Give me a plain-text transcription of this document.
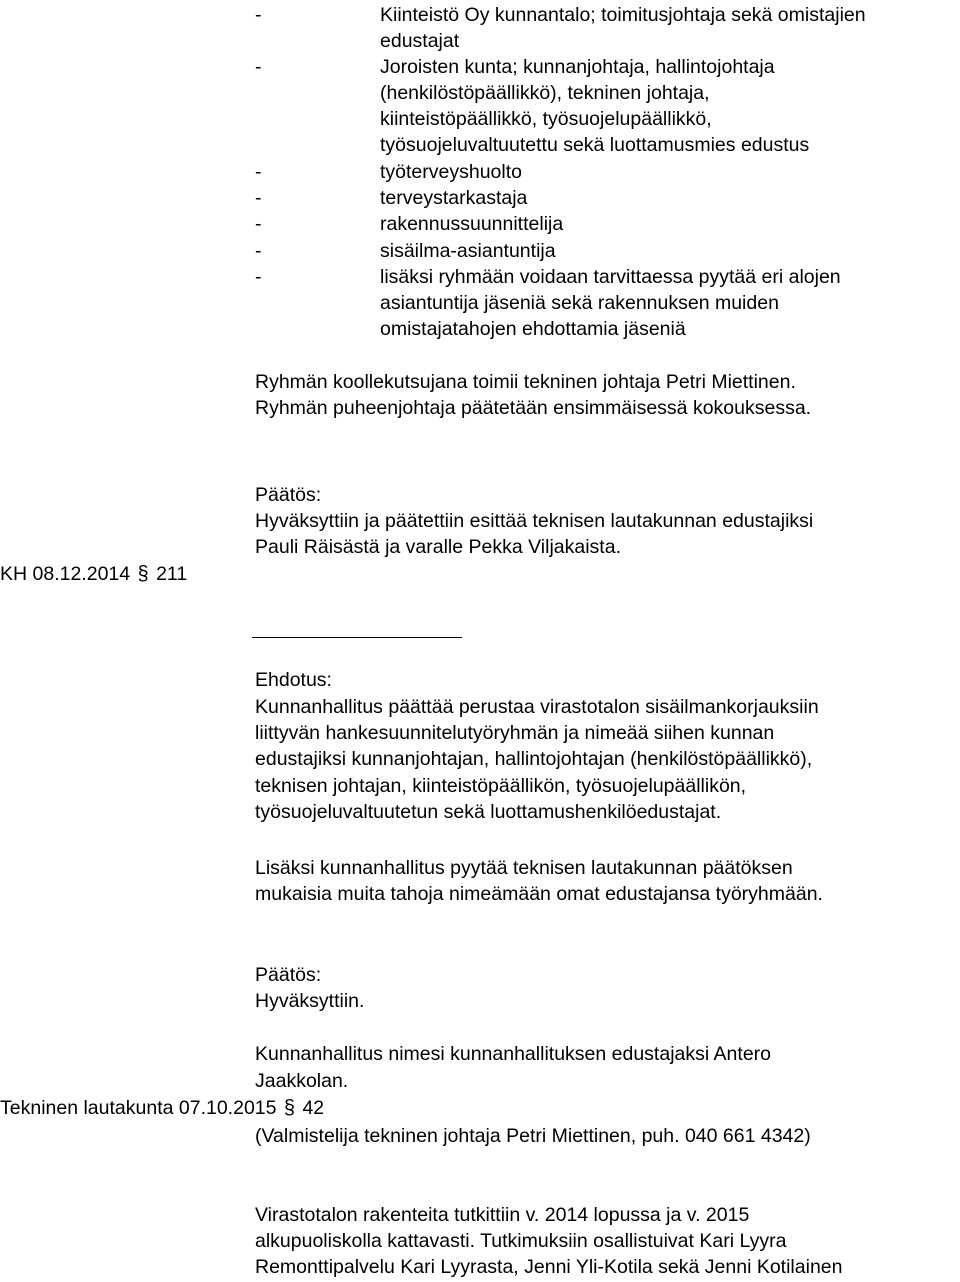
-	Kiinteistö Oy kunnantalo; toimitusjohtaja sekä omistajien
edustajat
-	Joroisten kunta; kunnanjohtaja, hallintojohtaja
(henkilöstöpäällikkö), tekninen johtaja,
kiinteistöpäällikkö, työsuojelupäällikkö,
työsuojeluvaltuutettu sekä luottamusmies edustus
-	työterveyshuolto
-	terveystarkastaja
-	rakennussuunnittelija
-	sisäilma-asiantuntija
-	lisäksi ryhmään voidaan tarvittaessa pyytää eri alojen
asiantuntija jäseniä sekä rakennuksen muiden
omistajatahojen ehdottamia jäseniä
Ryhmän koollekutsujana toimii tekninen johtaja Petri Miettinen.
Ryhmän puheenjohtaja päätetään ensimmäisessä kokouksessa.
Päätös:
Hyväksyttiin ja päätettiin esittää teknisen lautakunnan edustajiksi
Pauli Räisästä ja varalle Pekka Viljakaista.
KH 08.12.2014 § 211
Ehdotus:
Kunnanhallitus päättää perustaa virastotalon sisäilmankorjauksiin
liittyvän hankesuunnitelutyöryhmän ja nimeää siihen kunnan
edustajiksi kunnanjohtajan, hallintojohtajan (henkilöstöpäällikkö),
teknisen johtajan, kiinteistöpäällikön, työsuojelupäällikön,
työsuojeluvaltuutetun sekä luottamushenkilöedustajat.
Lisäksi kunnanhallitus pyytää teknisen lautakunnan päätöksen
mukaisia muita tahoja nimeämään omat edustajansa työryhmään.
Päätös:
Hyväksyttiin.
Kunnanhallitus nimesi kunnanhallituksen edustajaksi Antero
Jaakkolan.
Tekninen lautakunta 07.10.2015 § 42
(Valmistelija tekninen johtaja Petri Miettinen, puh. 040 661 4342)
Virastotalon rakenteita tutkittiin v. 2014 lopussa ja v. 2015
alkupuoliskolla kattavasti. Tutkimuksiin osallistuivat Kari Lyyra
Remonttipalvelu Kari Lyyrasta, Jenni Yli-Kotila sekä Jenni Kotilainen
